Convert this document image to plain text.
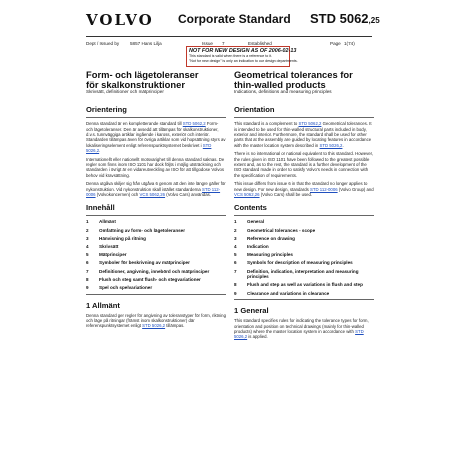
VOLVO Corporate Standard STD 5062,25
Dept / Issued by 5857 Hans Lilja	Issue 7	Established	Page 1(74)
NOT FOR NEW DESIGN AS OF 2006-02-13
This standard is valid when there is a reference to it.
"Not for new design" is only an indication to our design departments.
Form- och lägetoleranser
för skalkonstruktioner
Skrivsätt, definitioner och mätprinciper
Orientering
Denna standard är en kompletterande standard till STD 5062,2 Form- och lägetoleranser. Den är avsedd att tillämpas för skalkonstruktioner, d.v.s. tunnväggiga artiklar ingående i kaross, exteriör och interiör. Standarden tillämpas även för övriga artiklar som vid hopsättning styrs av lokaliseringselement enligt referenspunktsystemet beskrivet i STD 5026,2.
Internationellt eller nationellt motsvarighet till denna standard saknas. De regler som finns inom ISO 1101 har dock följts i möjlig utsträckning och standarden i övrigt är en vidareutveckling av ISO för att tillgodose Volvos behov vid kravsättning.
Denna utgåva skiljer sig från utgåva 6 genom att den inte längre gäller för nykonstruktion. Vid nykonstruktion skall istället standarderna STD 112-0006 (Volvokoncernen) och VCS 5062,26 (Volvo Cars) användas.
Innehåll
1	Allmänt
2	Omfattning av form- och lägetoleranser
3	Hänvisning på ritning
4	Skrivsätt
5	Mätprinciper
6	Symboler för beskrivning av mätprinciper
7	Definitioner, angivning, innebörd och mätprinciper
8	Flush och steg samt flush- och stegvariationer
9	Spel och spelvariationer
1 Allmänt
Denna standard ger regler för angivning av toleranstyper för form, riktning och läge på ritningar (främst inom skalkonstruktioner) där referenspunktsystemet enligt STD 5026,2 tillämpas.
Geometrical tolerances for
thin-walled products
Indications, definitions and measuring principles
Orientation
This standard is a complement to STD 5062,2 Geometrical tolerances. It is intended to be used for thin-walled structural parts included in body, exterior and interior. Furthermore, the standard shall be used for other parts that at the assembly are guided by locating features in accordance with the master location system described in STD 5026,2.
There is no international or national equivalent to this standard. However, the rules given in ISO 1101 have been followed to the greatest possible extent and, as to the rest, the standard is a further development of the ISO standard made in order to satisfy Volvo's needs in connection with the specification of requirements.
This issue differs from issue 6 in that the standard no longer applies to new design. For new design, standards STD 112-0006 (Volvo Group) and VCS 5062,26 (Volvo Cars) shall be used.
Contents
1	General
2	Geometrical tolerances - scope
3	Reference on drawing
4	Indication
5	Measuring principles
6	Symbols for description of measuring principles
7	Definition, indication, interpretation and measuring principles
8	Flush and step as well as variations in flush and step
9	Clearance and variations in clearance
1 General
This standard specifies rules for indicating the tolerance types for form, orientation and position on technical drawings (mainly for thin-walled products) where the master location system in accordance with STD 5026,2 is applied.
